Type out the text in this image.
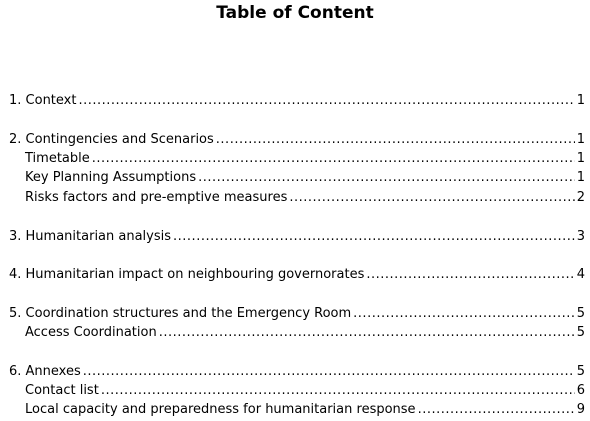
Table of Content
1. Context .....	1
2. Contingencies and Scenarios .....	1
Timetable .....	1
Key Planning Assumptions .....	1
Risks factors and pre-emptive measures .....	2
3. Humanitarian analysis .....	3
4. Humanitarian impact on neighbouring governorates .....	4
5. Coordination structures and the Emergency Room .....	5
Access Coordination .....	5
6. Annexes .....	5
Contact list .....	6
Local capacity and preparedness for humanitarian response .....	9
